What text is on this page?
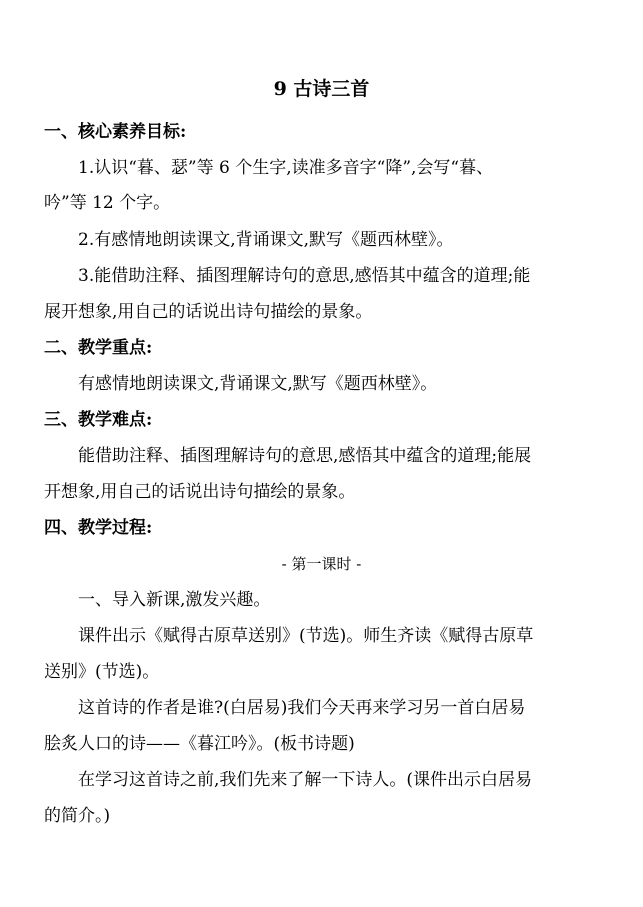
9 古诗三首
一、核心素养目标:
1.认识“暮、瑟”等 6 个生字,读准多音字“降”,会写“暮、
吟”等 12 个字。
2.有感情地朗读课文,背诵课文,默写《题西林壁》。
3.能借助注释、插图理解诗句的意思,感悟其中蕴含的道理;能
展开想象,用自己的话说出诗句描绘的景象。
二、教学重点:
有感情地朗读课文,背诵课文,默写《题西林壁》。
三、教学难点:
能借助注释、插图理解诗句的意思,感悟其中蕴含的道理;能展
开想象,用自己的话说出诗句描绘的景象。
四、教学过程:
- 第一课时 -
一、导入新课,激发兴趣。
课件出示《赋得古原草送别》(节选)。师生齐读《赋得古原草
送别》(节选)。
这首诗的作者是谁?(白居易)我们今天再来学习另一首白居易
脍炙人口的诗——《暮江吟》。(板书诗题)
在学习这首诗之前,我们先来了解一下诗人。(课件出示白居易
的简介。)
